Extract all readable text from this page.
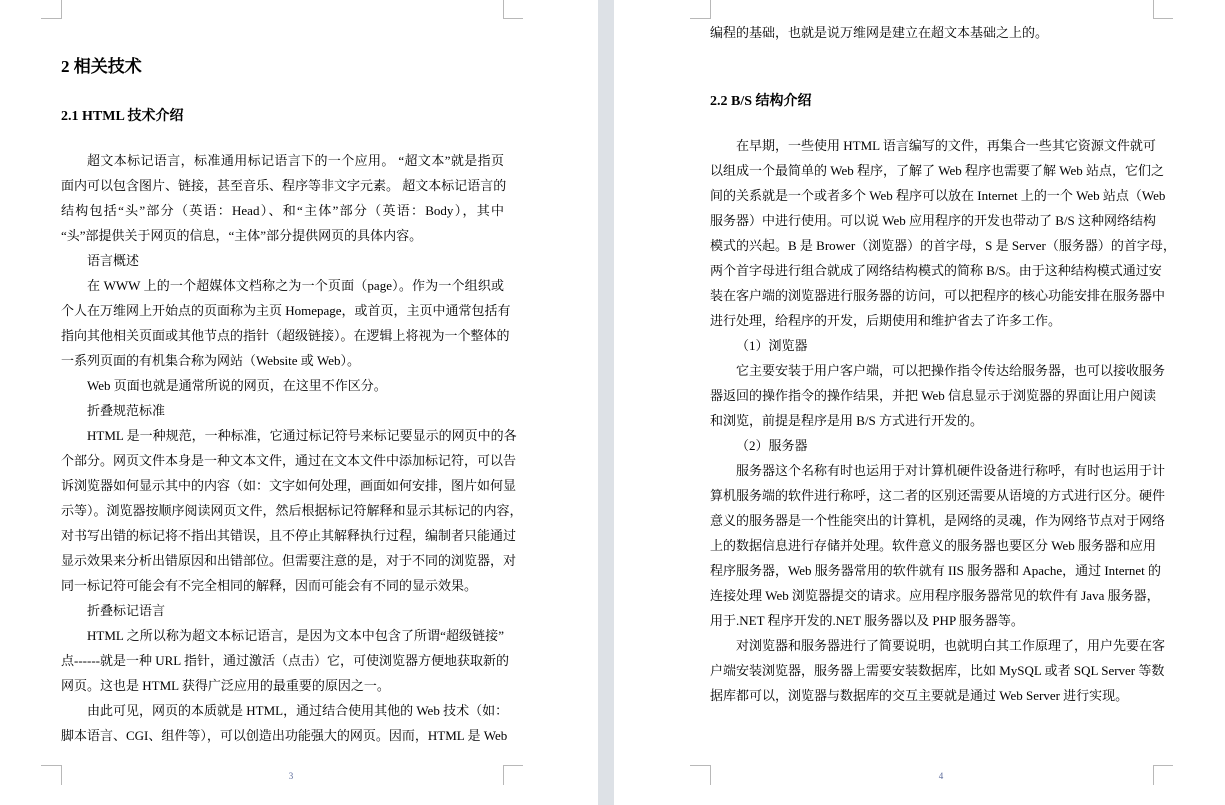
2 相关技术
2.1 HTML 技术介绍
超文本标记语言，标准通用标记语言下的一个应用。 “超文本”就是指页
面内可以包含图片、链接，甚至音乐、程序等非文字元素。 超文本标记语言的
结构包括“头”部分（英语：Head）、和“主体”部分（英语：Body），其中
“头”部提供关于网页的信息，“主体”部分提供网页的具体内容。
语言概述
在 WWW 上的一个超媒体文档称之为一个页面（page）。作为一个组织或
个人在万维网上开始点的页面称为主页 Homepage，或首页，主页中通常包括有
指向其他相关页面或其他节点的指针（超级链接）。在逻辑上将视为一个整体的
一系列页面的有机集合称为网站（Website 或 Web）。
Web 页面也就是通常所说的网页，在这里不作区分。
折叠规范标准
HTML 是一种规范，一种标准，它通过标记符号来标记要显示的网页中的各
个部分。网页文件本身是一种文本文件，通过在文本文件中添加标记符，可以告
诉浏览器如何显示其中的内容（如：文字如何处理，画面如何安排，图片如何显
示等）。浏览器按顺序阅读网页文件，然后根据标记符解释和显示其标记的内容，
对书写出错的标记将不指出其错误，且不停止其解释执行过程，编制者只能通过
显示效果来分析出错原因和出错部位。但需要注意的是，对于不同的浏览器，对
同一标记符可能会有不完全相同的解释，因而可能会有不同的显示效果。
折叠标记语言
HTML 之所以称为超文本标记语言，是因为文本中包含了所谓“超级链接”
点------就是一种 URL 指针，通过激活（点击）它，可使浏览器方便地获取新的
网页。这也是 HTML 获得广泛应用的最重要的原因之一。
由此可见，网页的本质就是 HTML，通过结合使用其他的 Web 技术（如：
脚本语言、CGI、组件等），可以创造出功能强大的网页。因而，HTML 是 Web
3
编程的基础，也就是说万维网是建立在超文本基础之上的。
2.2 B/S 结构介绍
在早期，一些使用 HTML 语言编写的文件，再集合一些其它资源文件就可
以组成一个最简单的 Web 程序，了解了 Web 程序也需要了解 Web 站点，它们之
间的关系就是一个或者多个 Web 程序可以放在 Internet 上的一个 Web 站点（Web
服务器）中进行使用。可以说 Web 应用程序的开发也带动了 B/S 这种网络结构
模式的兴起。B 是 Brower（浏览器）的首字母，S 是 Server（服务器）的首字母，
两个首字母进行组合就成了网络结构模式的简称 B/S。由于这种结构模式通过安
装在客户端的浏览器进行服务器的访问，可以把程序的核心功能安排在服务器中
进行处理，给程序的开发，后期使用和维护省去了许多工作。
（1）浏览器
它主要安装于用户客户端，可以把操作指令传达给服务器，也可以接收服务
器返回的操作指令的操作结果，并把 Web 信息显示于浏览器的界面让用户阅读
和浏览，前提是程序是用 B/S 方式进行开发的。
（2）服务器
服务器这个名称有时也运用于对计算机硬件设备进行称呼，有时也运用于计
算机服务端的软件进行称呼，这二者的区别还需要从语境的方式进行区分。硬件
意义的服务器是一个性能突出的计算机，是网络的灵魂，作为网络节点对于网络
上的数据信息进行存储并处理。软件意义的服务器也要区分 Web 服务器和应用
程序服务器，Web 服务器常用的软件就有 IIS 服务器和 Apache，通过 Internet 的
连接处理 Web 浏览器提交的请求。应用程序服务器常见的软件有 Java 服务器，
用于.NET 程序开发的.NET 服务器以及 PHP 服务器等。
对浏览器和服务器进行了简要说明，也就明白其工作原理了，用户先要在客
户端安装浏览器，服务器上需要安装数据库，比如 MySQL 或者 SQL Server 等数
据库都可以，浏览器与数据库的交互主要就是通过 Web Server 进行实现。
4
